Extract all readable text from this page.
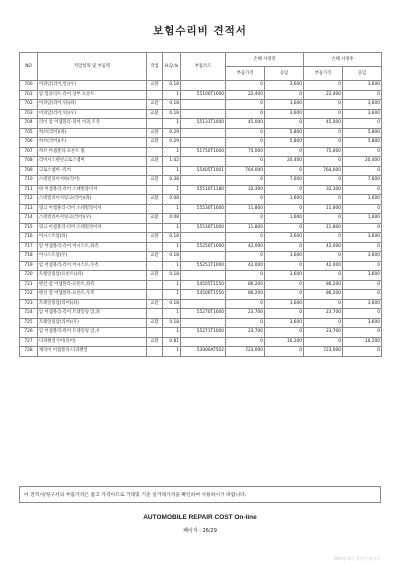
보험수리비 견적서
NO	작업항목 및 부품명	작업	H.Q,%	부품코드	손해 사정전		손해 사정후	
					부품가격	공임	부품가격	공임
700	어퍼암(리어,앞)(우)	교환	0.18		0	3,600	0	3,600
701	암 컴플리트-리어 상부 프론트		1	55100T1000	22,400	0	22,400	0
702	어퍼암(리어,뒤)(좌)	교환	0.18		0	3,600	0	3,600
703	어퍼암(리어,뒤)(우)	교환	0.18		0	3,600	0	3,600
704	리어 암 어셈블리-리어 어퍼,우측		1	55131T1000	45,000	0	45,000	0
705	허브(리어)(좌)	교환	0.29		0	5,800	0	5,800
706	허브(리어)(우)	교환	0.29		0	5,800	0	5,800
707	허브 어셈블리-프론트 휠		1	51750T1000	75,000	0	75,000	0
708	리어서스펜션크로스멤버	교환	1.02		0	20,400	0	20,400
709	크로스멤버 -리어		1	55405T1001	764,000	0	764,000	0
710	스테빌라이저바(리어)	교환	0.38		0	7,600	0	7,600
711	바 어셈블리-리어 스태빌라이저		1	55510T1180	32,300	0	32,300	0
712	스테빌라이저링크(리어)(좌)	교환	0.08		0	1,600	0	1,600
713	링크 어셈블리-리어 스테빌라이저		1	55530T1000	11,800	0	11,800	0
714	스테빌라이저링크(리어)(우)	교환	0.08		0	1,600	0	1,600
715	링크 어셈블리-리어 스태빌라이저		1	55530T1000	11,800	0	11,800	0
716	어시스트암(좌)	교환	0.18		0	3,600	0	3,600
717	암 어셈블리-리어 어시스트,좌측		1	55250T1000	42,000	0	42,000	0
718	어시스트암(우)	교환	0.18		0	3,600	0	3,600
719	암 어셈블리-리어 어시스트,우측		1	55251T1000	42,000	0	42,000	0
720	트레일링암(프론트)(좌)	교환	0.18		0	3,600	0	3,600
721	텐션 암 어셈블리-프론트,좌측		1	54505T1550	86,200	0	86,200	0
722	텐션 암 어셈블리-프론트,우측		1	54506T1550	86,200	0	86,200	0
723	트레일링암(리어)(좌)	교환	0.18		0	3,600	0	3,600
724	암 어셈블리-리어 트레일링 암,좌		1	55270T1000	23,700	0	23,700	0
725	트레일링암(리어)(우)	교환	0.18		0	3,600	0	3,600
726	암 어셈블리-리어 트레일링 암,우		1	55271T1000	23,700	0	23,700	0
727	디퍼렌셜기어(리어)	교환	0.81		0	16,200	0	16,200
728	캐리어 어셈블리-디퍼렌셜		1	53000AT502	723,000	0	723,000	0
이 견적서/청구서의 부품가격은 참고 가격이므로 거래및 기준 실거래가격을 확인하여 사용하시기 바랍니다.
AUTOMOBILE REPAIR COST On-line
페이지 : 26/29
Web상에서 캡처된 페이지
